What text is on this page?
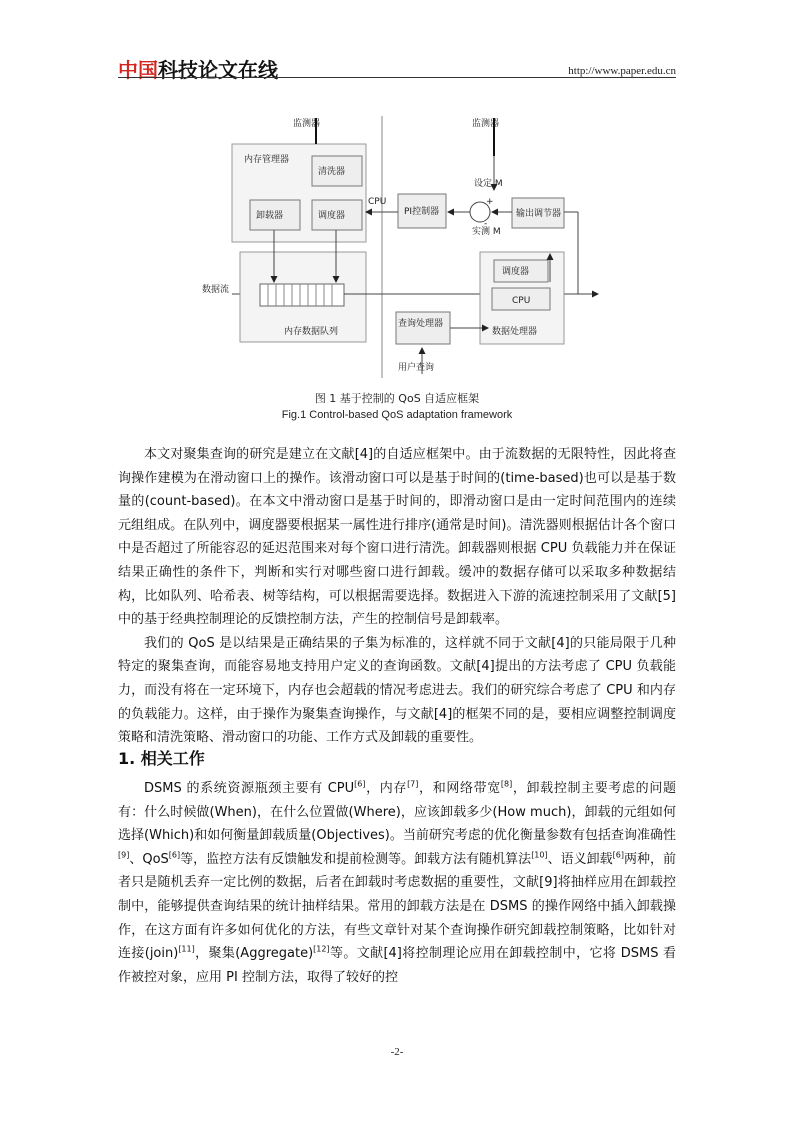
中国科技论文在线	http://www.paper.edu.cn
内存管理器
清洗器
卸载器	调度器
监测器	监测器
PI控制器
+
-
设定 M
实测 M
输出调节器
CPU
数据流
内存数据队列
调度器
CPU
数据处理器
查询处理器
用户查询
图 1 基于控制的 QoS 自适应框架
Fig.1 Control-based QoS adaptation framework

本文对聚集查询的研究是建立在文献[4]的自适应框架中。由于流数据的无限特性，因此将查询操作建模为在滑动窗口上的操作。该滑动窗口可以是基于时间的(time-based)也可以是基于数量的(count-based)。在本文中滑动窗口是基于时间的，即滑动窗口是由一定时间范围内的连续元组组成。在队列中，调度器要根据某一属性进行排序(通常是时间)。清洗器则根据估计各个窗口中是否超过了所能容忍的延迟范围来对每个窗口进行清洗。卸载器则根据 CPU 负载能力并在保证结果正确性的条件下，判断和实行对哪些窗口进行卸载。缓冲的数据存储可以采取多种数据结构，比如队列、哈希表、树等结构，可以根据需要选择。数据进入下游的流速控制采用了文献[5]中的基于经典控制理论的反馈控制方法，产生的控制信号是卸载率。

我们的 QoS 是以结果是正确结果的子集为标准的，这样就不同于文献[4]的只能局限于几种特定的聚集查询，而能容易地支持用户定义的查询函数。文献[4]提出的方法考虑了 CPU 负载能力，而没有将在一定环境下，内存也会超载的情况考虑进去。我们的研究综合考虑了 CPU 和内存的负载能力。这样，由于操作为聚集查询操作，与文献[4]的框架不同的是，要相应调整控制调度策略和清洗策略、滑动窗口的功能、工作方式及卸载的重要性。

1. 相关工作

DSMS 的系统资源瓶颈主要有 CPU[6]，内存[7]，和网络带宽[8]，卸载控制主要考虑的问题有：什么时候做(When)，在什么位置做(Where)，应该卸载多少(How much)，卸载的元组如何选择(Which)和如何衡量卸载质量(Objectives)。当前研究考虑的优化衡量参数有包括查询准确性[9]、QoS[6]等，监控方法有反馈触发和提前检测等。卸载方法有随机算法[10]、语义卸载[6]两种，前者只是随机丢弃一定比例的数据，后者在卸载时考虑数据的重要性，文献[9]将抽样应用在卸载控制中，能够提供查询结果的统计抽样结果。常用的卸载方法是在 DSMS 的操作网络中插入卸载操作，在这方面有许多如何优化的方法，有些文章针对某个查询操作研究卸载控制策略，比如针对连接(join)[11]，聚集(Aggregate)[12]等。文献[4]将控制理论应用在卸载控制中，它将 DSMS 看作被控对象，应用 PI 控制方法，取得了较好的控

-2-
